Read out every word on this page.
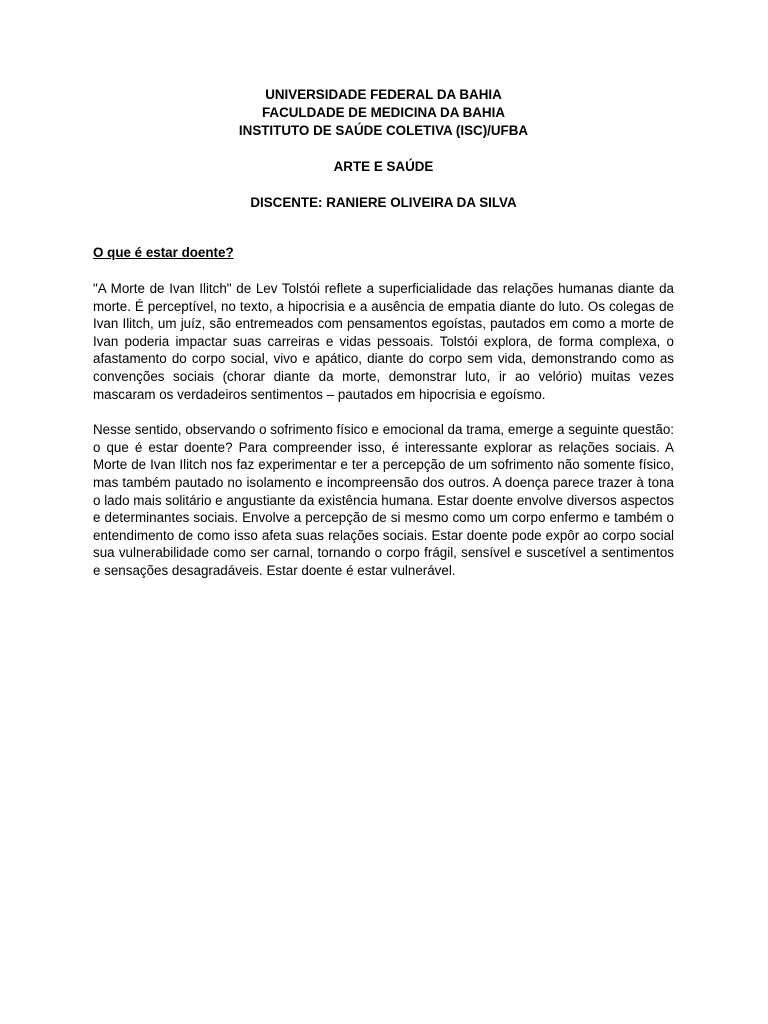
UNIVERSIDADE FEDERAL DA BAHIA
FACULDADE DE MEDICINA DA BAHIA
INSTITUTO DE SAÚDE COLETIVA (ISC)/UFBA
ARTE E SAÚDE
DISCENTE: RANIERE OLIVEIRA DA SILVA
O que é estar doente?

"A Morte de Ivan Ilitch" de Lev Tolstói reflete a superficialidade das relações humanas diante da morte. É perceptível, no texto, a hipocrisia e a ausência de empatia diante do luto. Os colegas de Ivan Ilitch, um juíz, são entremeados com pensamentos egoístas, pautados em como a morte de Ivan poderia impactar suas carreiras e vidas pessoais. Tolstói explora, de forma complexa, o afastamento do corpo social, vivo e apático, diante do corpo sem vida, demonstrando como as convenções sociais (chorar diante da morte, demonstrar luto, ir ao velório) muitas vezes mascaram os verdadeiros sentimentos – pautados em hipocrisia e egoísmo.

Nesse sentido, observando o sofrimento físico e emocional da trama, emerge a seguinte questão: o que é estar doente? Para compreender isso, é interessante explorar as relações sociais. A Morte de Ivan Ilitch nos faz experimentar e ter a percepção de um sofrimento não somente físico, mas também pautado no isolamento e incompreensão dos outros. A doença parece trazer à tona o lado mais solitário e angustiante da existência humana. Estar doente envolve diversos aspectos e determinantes sociais. Envolve a percepção de si mesmo como um corpo enfermo e também o entendimento de como isso afeta suas relações sociais. Estar doente pode expôr ao corpo social sua vulnerabilidade como ser carnal, tornando o corpo frágil, sensível e suscetível a sentimentos e sensações desagradáveis. Estar doente é estar vulnerável.
